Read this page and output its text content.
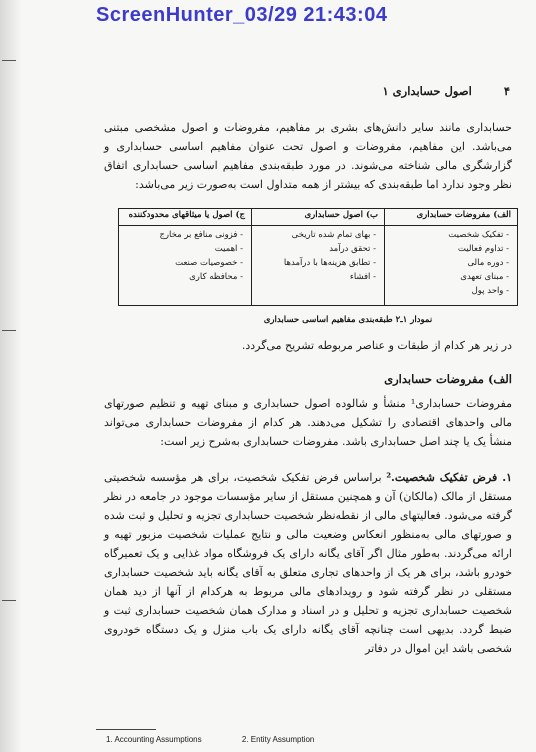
ScreenHunter_03/29 21:43:04
۴ اصول حسابداری ۱

حسابداری مانند سایر دانش‌های بشری بر مفاهیم، مفروضات و اصول مشخصی مبتنی می‌باشد. این مفاهیم، مفروضات و اصول تحت عنوان مفاهیم اساسی حسابداری و گزارشگری مالی شناخته می‌شوند. در مورد طبقه‌بندی مفاهیم اساسی حسابداری اتفاق نظر وجود ندارد اما طبقه‌بندی که بیشتر از همه متداول است به‌صورت زیر می‌باشد:

الف) مفروضات حسابداری
- تفکیک شخصیت
- تداوم فعالیت
- دوره مالی
- مبنای تعهدی
- واحد پول
ب) اصول حسابداری
- بهای تمام شده تاریخی
- تحقق درآمد
- تطابق هزینه‌ها با درآمدها
- افشاء
ج) اصول یا میثاقهای محدودکننده
- فزونی منافع بر مخارج
- اهمیت
- خصوصیات صنعت
- محافظه کاری
نمودار ۱ـ۲ طبقه‌بندی مفاهیم اساسی حسابداری

در زیر هر کدام از طبقات و عناصر مربوطه تشریح می‌گردد.

الف) مفروضات حسابداری

مفروضات حسابداری¹ منشأ و شالوده اصول حسابداری و مبنای تهیه و تنظیم صورتهای مالی واحدهای اقتصادی را تشکیل می‌دهند. هر کدام از مفروضات حسابداری می‌تواند منشأ یک یا چند اصل حسابداری باشد. مفروضات حسابداری به‌شرح زیر است:

۱. فرض تفکیک شخصیت.² براساس فرض تفکیک شخصیت، برای هر مؤسسه شخصیتی مستقل از مالک (مالکان) آن و همچنین مستقل از سایر مؤسسات موجود در جامعه در نظر گرفته می‌شود. فعالیتهای مالی از نقطه‌نظر شخصیت حسابداری تجزیه و تحلیل و ثبت شده و صورتهای مالی به‌منظور انعکاس وضعیت مالی و نتایج عملیات شخصیت مزبور تهیه و ارائه می‌گردند. به‌طور مثال اگر آقای یگانه دارای یک فروشگاه مواد غذایی و یک تعمیرگاه خودرو باشد، برای هر یک از واحدهای تجاری متعلق به آقای یگانه باید شخصیت حسابداری مستقلی در نظر گرفته شود و رویدادهای مالی مربوط به هرکدام از آنها از دید همان شخصیت حسابداری تجزیه و تحلیل و در اسناد و مدارک همان شخصیت حسابداری ثبت و ضبط گردد. بدیهی است چنانچه آقای یگانه دارای یک باب منزل و یک دستگاه خودروی شخصی باشد این اموال در دفاتر

1. Accounting Assumptions	2. Entity Assumption
